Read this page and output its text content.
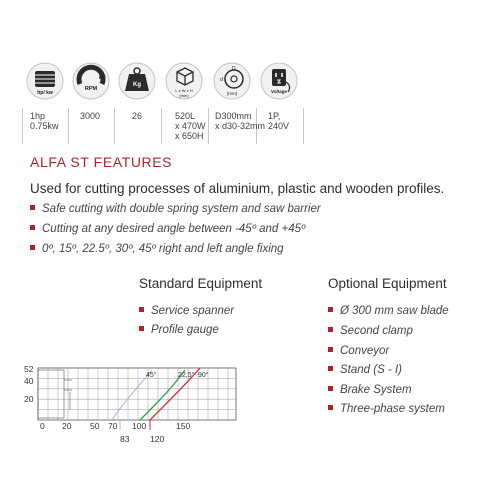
hp/ kw
RPM
Kg
L x W x H
(mm)
d
D
(mm)	Voltage
1hp
0.75kw
3000	26	520L
x 470W
x 650H
D300mm
x d30-32mm
1P,
240V
ALFA ST FEATURES
Used for cutting processes of aluminium, plastic and wooden profiles.
Safe cutting with double spring system and saw barrier
Cutting at any desired angle between -45º and +45º
0º, 15º, 22.5º, 30º, 45º right and left angle fixing
Standard Equipment	Optional Equipment
Service spanner
Profile gauge
Ø 300 mm saw blade
Second clamp
Conveyor
Stand (S - I)
Brake System
Three-phase system
52
40
20
0 20 50 70 100	150
83 120
45°	22,5° 90°
